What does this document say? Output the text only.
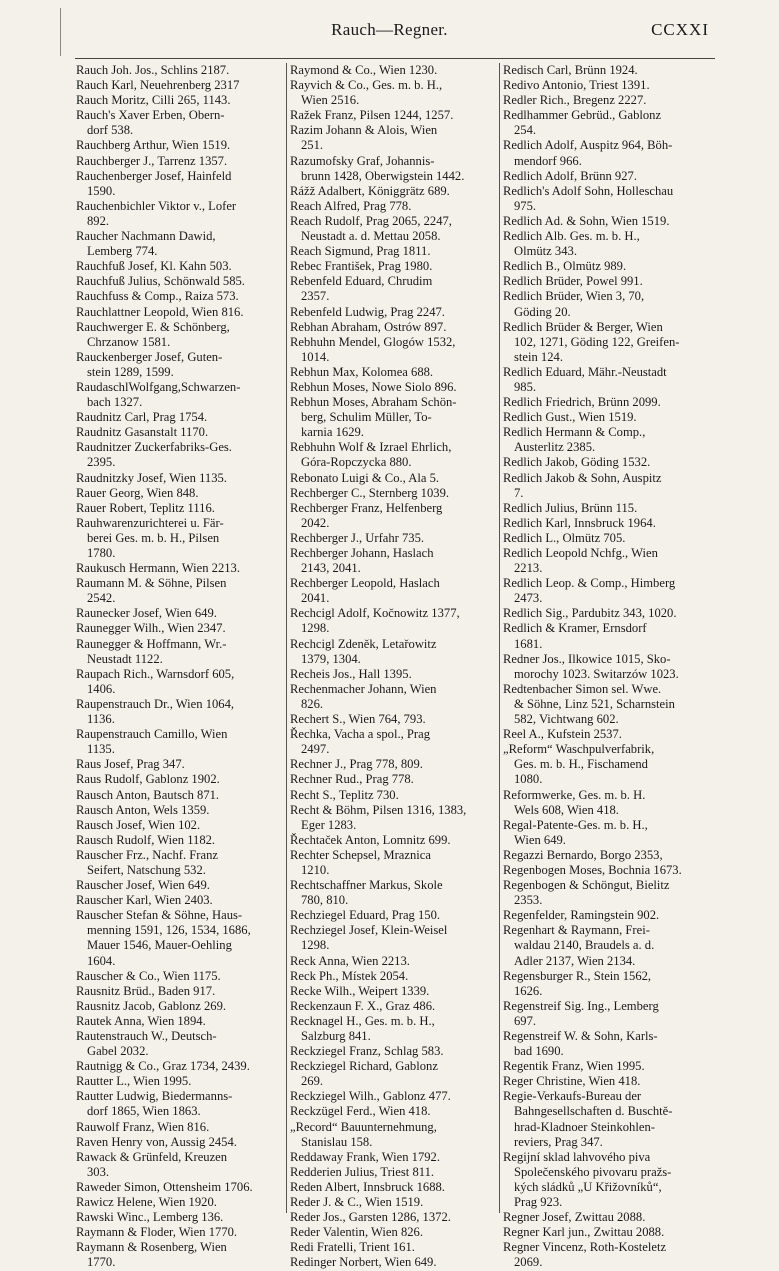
Rauch—Regner.	CCXXI
Rauch Joh. Jos., Schlins 2187.
Rauch Karl, Neuehrenberg 2317
Rauch Moritz, Cilli 265, 1143.
Rauch's Xaver Erben, Obern-
dorf 538.
Rauchberg Arthur, Wien 1519.
Rauchberger J., Tarrenz 1357.
Rauchenberger Josef, Hainfeld
1590.
Rauchenbichler Viktor v., Lofer
892.
Raucher Nachmann Dawid,
Lemberg 774.
Rauchfuß Josef, Kl. Kahn 503.
Rauchfuß Julius, Schönwald 585.
Rauchfuss & Comp., Raiza 573.
Rauchlattner Leopold, Wien 816.
Rauchwerger E. & Schönberg,
Chrzanow 1581.
Rauckenberger Josef, Guten-
stein 1289, 1599.
RaudaschlWolfgang,Schwarzen-
bach 1327.
Raudnitz Carl, Prag 1754.
Raudnitz Gasanstalt 1170.
Raudnitzer Zuckerfabriks-Ges.
2395.
Raudnitzky Josef, Wien 1135.
Rauer Georg, Wien 848.
Rauer Robert, Teplitz 1116.
Rauhwarenzurichterei u. Fär-
berei Ges. m. b. H., Pilsen
1780.
Raukusch Hermann, Wien 2213.
Raumann M. & Söhne, Pilsen
2542.
Raunecker Josef, Wien 649.
Raunegger Wilh., Wien 2347.
Raunegger & Hoffmann, Wr.-
Neustadt 1122.
Raupach Rich., Warnsdorf 605,
1406.
Raupenstrauch Dr., Wien 1064,
1136.
Raupenstrauch Camillo, Wien
1135.
Raus Josef, Prag 347.
Raus Rudolf, Gablonz 1902.
Rausch Anton, Bautsch 871.
Rausch Anton, Wels 1359.
Rausch Josef, Wien 102.
Rausch Rudolf, Wien 1182.
Rauscher Frz., Nachf. Franz
Seifert, Natschung 532.
Rauscher Josef, Wien 649.
Rauscher Karl, Wien 2403.
Rauscher Stefan & Söhne, Haus-
menning 1591, 126, 1534, 1686,
Mauer 1546, Mauer-Oehling
1604.
Rauscher & Co., Wien 1175.
Rausnitz Brüd., Baden 917.
Rausnitz Jacob, Gablonz 269.
Rautek Anna, Wien 1894.
Rautenstrauch W., Deutsch-
Gabel 2032.
Rautnigg & Co., Graz 1734, 2439.
Rautter L., Wien 1995.
Rautter Ludwig, Biedermanns-
dorf 1865, Wien 1863.
Rauwolf Franz, Wien 816.
Raven Henry von, Aussig 2454.
Rawack & Grünfeld, Kreuzen
303.
Raweder Simon, Ottensheim 1706.
Rawicz Helene, Wien 1920.
Rawski Winc., Lemberg 136.
Raymann & Floder, Wien 1770.
Raymann & Rosenberg, Wien
1770.
Raymond & Co., Wien 1230.
Rayvich & Co., Ges. m. b. H.,
Wien 2516.
Ražek Franz, Pilsen 1244, 1257.
Razim Johann & Alois, Wien
251.
Razumofsky Graf, Johannis-
brunn 1428, Oberwigstein 1442.
Rážž Adalbert, Königgrätz 689.
Reach Alfred, Prag 778.
Reach Rudolf, Prag 2065, 2247,
Neustadt a. d. Mettau 2058.
Reach Sigmund, Prag 1811.
Rebec František, Prag 1980.
Rebenfeld Eduard, Chrudim
2357.
Rebenfeld Ludwig, Prag 2247.
Rebhan Abraham, Ostrów 897.
Rebhuhn Mendel, Glogów 1532,
1014.
Rebhun Max, Kolomea 688.
Rebhun Moses, Nowe Siolo 896.
Rebhun Moses, Abraham Schön-
berg, Schulim Müller, To-
karnia 1629.
Rebhuhn Wolf & Izrael Ehrlich,
Góra-Ropczycka 880.
Rebonato Luigi & Co., Ala 5.
Rechberger C., Sternberg 1039.
Rechberger Franz, Helfenberg
2042.
Rechberger J., Urfahr 735.
Rechberger Johann, Haslach
2143, 2041.
Rechberger Leopold, Haslach
2041.
Rechcigl Adolf, Kočnowitz 1377,
1298.
Rechcigl Zdeněk, Letařowitz
1379, 1304.
Recheis Jos., Hall 1395.
Rechenmacher Johann, Wien
826.
Rechert S., Wien 764, 793.
Řechka, Vacha a spol., Prag
2497.
Rechner J., Prag 778, 809.
Rechner Rud., Prag 778.
Recht S., Teplitz 730.
Recht & Böhm, Pilsen 1316, 1383,
Eger 1283.
Řechtaček Anton, Lomnitz 699.
Rechter Schepsel, Mraznica
1210.
Rechtschaffner Markus, Skole
780, 810.
Rechziegel Eduard, Prag 150.
Rechziegel Josef, Klein-Weisel
1298.
Reck Anna, Wien 2213.
Reck Ph., Místek 2054.
Recke Wilh., Weipert 1339.
Reckenzaun F. X., Graz 486.
Recknagel H., Ges. m. b. H.,
Salzburg 841.
Reckziegel Franz, Schlag 583.
Reckziegel Richard, Gablonz
269.
Reckziegel Wilh., Gablonz 477.
Reckzügel Ferd., Wien 418.
„Record“ Bauunternehmung,
Stanislau 158.
Reddaway Frank, Wien 1792.
Redderien Julius, Triest 811.
Reden Albert, Innsbruck 1688.
Reder J. & C., Wien 1519.
Reder Jos., Garsten 1286, 1372.
Reder Valentin, Wien 826.
Redi Fratelli, Trient 161.
Redinger Norbert, Wien 649.
Redisch Carl, Brünn 1924.
Redivo Antonio, Triest 1391.
Redler Rich., Bregenz 2227.
Redlhammer Gebrüd., Gablonz
254.
Redlich Adolf, Auspitz 964, Böh-
mendorf 966.
Redlich Adolf, Brünn 927.
Redlich's Adolf Sohn, Holleschau
975.
Redlich Ad. & Sohn, Wien 1519.
Redlich Alb. Ges. m. b. H.,
Olmütz 343.
Redlich B., Olmütz 989.
Redlich Brüder, Powel 991.
Redlich Brüder, Wien 3, 70,
Göding 20.
Redlich Brüder & Berger, Wien
102, 1271, Göding 122, Greifen-
stein 124.
Redlich Eduard, Mähr.-Neustadt
985.
Redlich Friedrich, Brünn 2099.
Redlich Gust., Wien 1519.
Redlich Hermann & Comp.,
Austerlitz 2385.
Redlich Jakob, Göding 1532.
Redlich Jakob & Sohn, Auspitz
7.
Redlich Julius, Brünn 115.
Redlich Karl, Innsbruck 1964.
Redlich L., Olmütz 705.
Redlich Leopold Nchfg., Wien
2213.
Redlich Leop. & Comp., Himberg
2473.
Redlich Sig., Pardubitz 343, 1020.
Redlich & Kramer, Ernsdorf
1681.
Redner Jos., Ilkowice 1015, Sko-
morochy 1023. Switarzów 1023.
Redtenbacher Simon sel. Wwe.
& Söhne, Linz 521, Scharnstein
582, Vichtwang 602.
Reel A., Kufstein 2537.
„Reform“ Waschpulverfabrik,
Ges. m. b. H., Fischamend
1080.
Reformwerke, Ges. m. b. H.
Wels 608, Wien 418.
Regal-Patente-Ges. m. b. H.,
Wien 649.
Regazzi Bernardo, Borgo 2353,
Regenbogen Moses, Bochnia 1673.
Regenbogen & Schöngut, Bielitz
2353.
Regenfelder, Ramingstein 902.
Regenhart & Raymann, Frei-
waldau 2140, Braudels a. d.
Adler 2137, Wien 2134.
Regensburger R., Stein 1562,
1626.
Regenstreif Sig. Ing., Lemberg
697.
Regenstreif W. & Sohn, Karls-
bad 1690.
Regentik Franz, Wien 1995.
Reger Christine, Wien 418.
Regie-Verkaufs-Bureau der
Bahngesellschaften d. Buschtě-
hrad-Kladnoer Steinkohlen-
reviers, Prag 347.
Regijní sklad lahvového piva
Společenského pivovaru pražs-
kých sládků „U Křižovníků“,
Prag 923.
Regner Josef, Zwittau 2088.
Regner Karl jun., Zwittau 2088.
Regner Vincenz, Roth-Kosteletz
2069.
